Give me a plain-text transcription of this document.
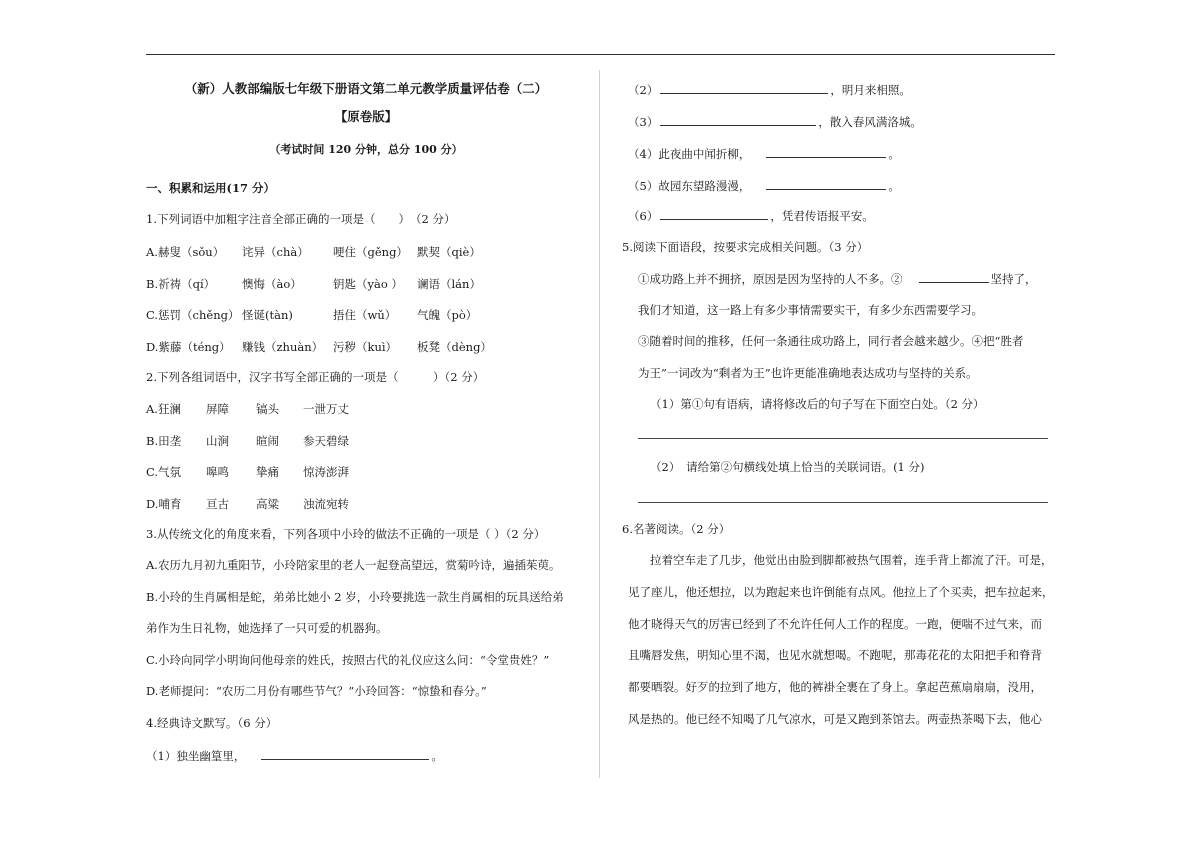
（新）人教部编版七年级下册语文第二单元教学质量评估卷（二）
【原卷版】
（考试时间 120 分钟，总分 100 分）
一、积累和运用(17 分）
1.下列词语中加粗字注音全部正确的一项是（　　）　（2 分）
A.赫叟（sǒu） 诧异（chà） 哽住（gěng） 默契（qiè）
B.祈祷（qí） 懊悔（ào）	钥匙（yào ） 谰语（lán）
C.惩罚（chěng） 怪诞(tàn)	捂住（wǔ） 气魄（pò）
D.紫藤（téng） 赚钱（zhuàn） 污秽（kuì） 板凳（dèng）
2.下列各组词语中，汉字书写全部正确的一项是（　　　）（2 分）
A.狂澜 屏障 镐头 一泄万丈
B.田垄 山涧 暄闹 参天碧绿
C.气氛 嗥鸣 挚痛 惊涛澎湃
D.哺育 亘古 高粱 浊流宛转
3.从传统文化的角度来看，下列各项中小玲的做法不正确的一项是（ ）（2 分）
A.农历九月初九重阳节，小玲陪家里的老人一起登高望远，赏菊吟诗，遍插茱萸。
B.小玲的生肖属相是蛇，弟弟比她小 2 岁，小玲要挑选一款生肖属相的玩具送给弟
弟作为生日礼物，她选择了一只可爱的机器狗。
C.小玲向同学小明询问他母亲的姓氏，按照古代的礼仪应这么问：“令堂贵姓？”
D.老师提问：“农历二月份有哪些节气？”小玲回答：“惊蛰和春分。”
4.经典诗文默写。（6 分）
（1）独坐幽篁里，	。
（2）	，明月来相照。
（3）	，散入春风满洛城。
（4）此夜曲中闻折柳，	。
（5）故园东望路漫漫，	。
（6）	，凭君传语报平安。
5.阅读下面语段，按要求完成相关问题。（3 分）
①成功路上并不拥挤，原因是因为坚持的人不多。②	坚持了，
我们才知道，这一路上有多少事情需要实干，有多少东西需要学习。
③随着时间的推移，任何一条通往成功路上，同行者会越来越少。④把“胜者
为王”一词改为“剩者为王”也许更能准确地表达成功与坚持的关系。
（1）第①句有语病，请将修改后的句子写在下面空白处。（2 分）
（2）　请给第②句横线处填上恰当的关联词语。(1 分)
6.名著阅读。（2 分）
拉着空车走了几步，他觉出由脸到脚都被热气围着，连手背上都流了汗。可是，
见了座儿，他还想拉，以为跑起来也许倒能有点风。他拉上了个买卖，把车拉起来，
他才晓得天气的厉害已经到了不允许任何人工作的程度。一跑，便喘不过气来，而
且嘴唇发焦，明知心里不渴，也见水就想喝。不跑呢，那毒花花的太阳把手和脊背
都要晒裂。好歹的拉到了地方，他的裤褂全裹在了身上。拿起芭蕉扇扇扇，没用，
风是热的。他已经不知喝了几气凉水，可是又跑到茶馆去。两壶热茶喝下去，他心
